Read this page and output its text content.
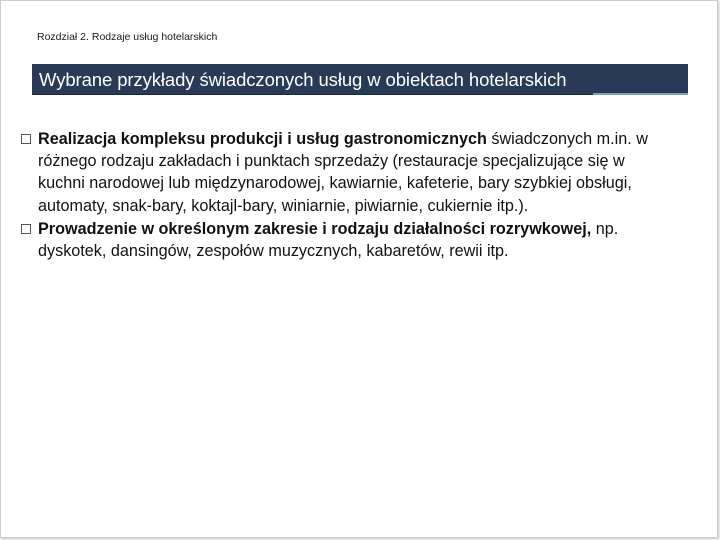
Rozdział 2. Rodzaje usług hotelarskich
Wybrane przykłady świadczonych usług w obiektach hotelarskich
Realizacja kompleksu produkcji i usług gastronomicznych świadczonych m.in. w różnego rodzaju zakładach i punktach sprzedaży (restauracje specjalizujące się w kuchni narodowej lub międzynarodowej, kawiarnie, kafeterie, bary szybkiej obsługi, automaty, snak-bary, koktajl-bary, winiarnie, piwiarnie, cukiernie itp.).
Prowadzenie w określonym zakresie i rodzaju działalności rozrywkowej, np. dyskotek, dansingów, zespołów muzycznych, kabaretów, rewii itp.
